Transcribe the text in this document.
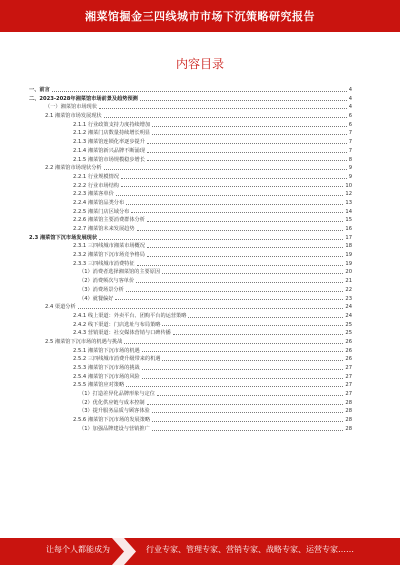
湘菜馆掘金三四线城市市场下沉策略研究报告
内容目录
一、前言	4
二、2023-2028年湘菜馆市场前景及趋势预测	4
（一）湘菜馆市场现状	4
2.1 湘菜馆市场发展现状	6
2.1.1 行业政策支持力度持续增加	6
2.1.2 湘菜门店数量持续增长明显	7
2.1.3 湘菜馆连锁化率逐步提升	7
2.1.4 湘菜馆新兴品牌不断涌现	7
2.1.5 湘菜馆市场规模稳步增长	8
2.2 湘菜馆市场现状分析	9
2.2.1 行业规模情况	9
2.2.2 行业市场结构	10
2.2.3 湘菜客单价	12
2.2.4 湘菜馆品类分布	13
2.2.5 湘菜门店区域分布	14
2.2.6 湘菜馆主要消费群体分析	15
2.2.7 湘菜馆未来发展趋势	16
2.3 湘菜馆下沉市场发展现状	17
2.3.1 三四线城市湘菜市场概况	18
2.3.2 湘菜馆下沉市场竞争格局	19
2.3.3 三四线城市消费特征	19
（1）消费者选择湘菜馆的主要原因	20
（2）消费频次与客单价	21
（3）消费场景分析	22
（4）就餐偏好	23
2.4 渠道分析	24
2.4.1 线上渠道：外卖平台、团购平台的运营策略	24
2.4.2 线下渠道：门店选址与布局策略	25
2.4.3 营销渠道：社交媒体营销与口碑传播	25
2.5 湘菜馆下沉市场的机遇与挑战	26
2.5.1 湘菜馆下沉市场的机遇	26
2.5.2 三四线城市消费升级带来的机遇	26
2.5.3 湘菜馆下沉市场的挑战	27
2.5.4 湘菜馆下沉市场的风险	27
2.5.5 湘菜馆应对策略	27
（1）打造差异化品牌形象与定位	27
（2）优化供应链与成本控制	28
（3）提升服务品质与顾客体验	28
2.5.6 湘菜馆下沉市场的发展策略	28
（1）加强品牌建设与营销推广	28
让每个人都能成为	行业专家、管理专家、营销专家、战略专家、运营专家……
